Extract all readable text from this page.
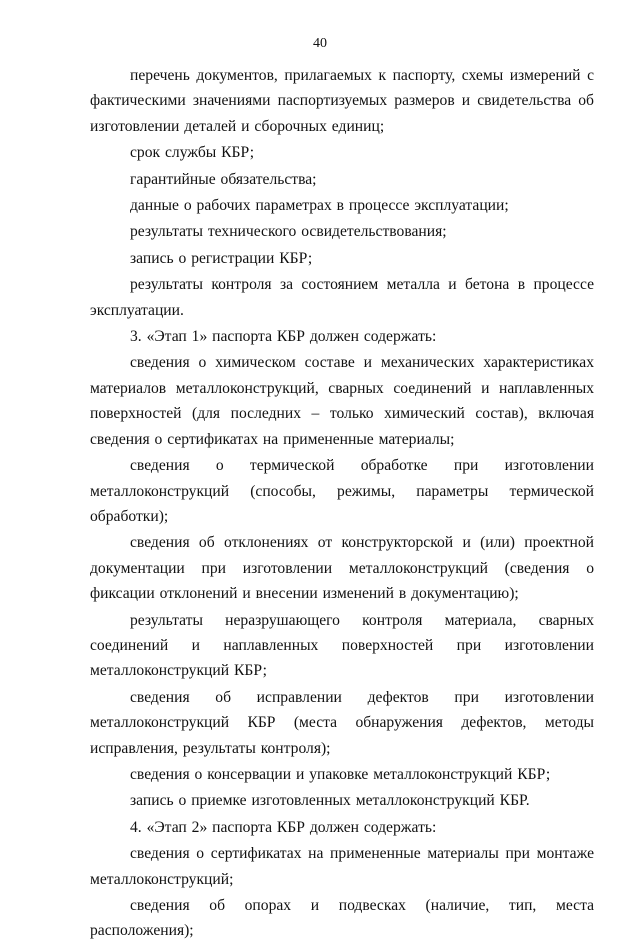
40

перечень документов, прилагаемых к паспорту, схемы измерений с фактическими значениями паспортизуемых размеров и свидетельства об изготовлении деталей и сборочных единиц;

срок службы КБР;

гарантийные обязательства;

данные о рабочих параметрах в процессе эксплуатации;

результаты технического освидетельствования;

запись о регистрации КБР;

результаты контроля за состоянием металла и бетона в процессе эксплуатации.

3. «Этап 1» паспорта КБР должен содержать:

сведения о химическом составе и механических характеристиках материалов металлоконструкций, сварных соединений и наплавленных поверхностей (для последних – только химический состав), включая сведения о сертификатах на примененные материалы;

сведения о термической обработке при изготовлении металлоконструкций (способы, режимы, параметры термической обработки);

сведения об отклонениях от конструкторской и (или) проектной документации при изготовлении металлоконструкций (сведения о фиксации отклонений и внесении изменений в документацию);

результаты неразрушающего контроля материала, сварных соединений и наплавленных поверхностей при изготовлении металлоконструкций КБР;

сведения об исправлении дефектов при изготовлении металлоконструкций КБР (места обнаружения дефектов, методы исправления, результаты контроля);

сведения о консервации и упаковке металлоконструкций КБР;

запись о приемке изготовленных металлоконструкций КБР.

4. «Этап 2» паспорта КБР должен содержать:

сведения о сертификатах на примененные материалы при монтаже металлоконструкций;

сведения об опорах и подвесках (наличие, тип, места расположения);
